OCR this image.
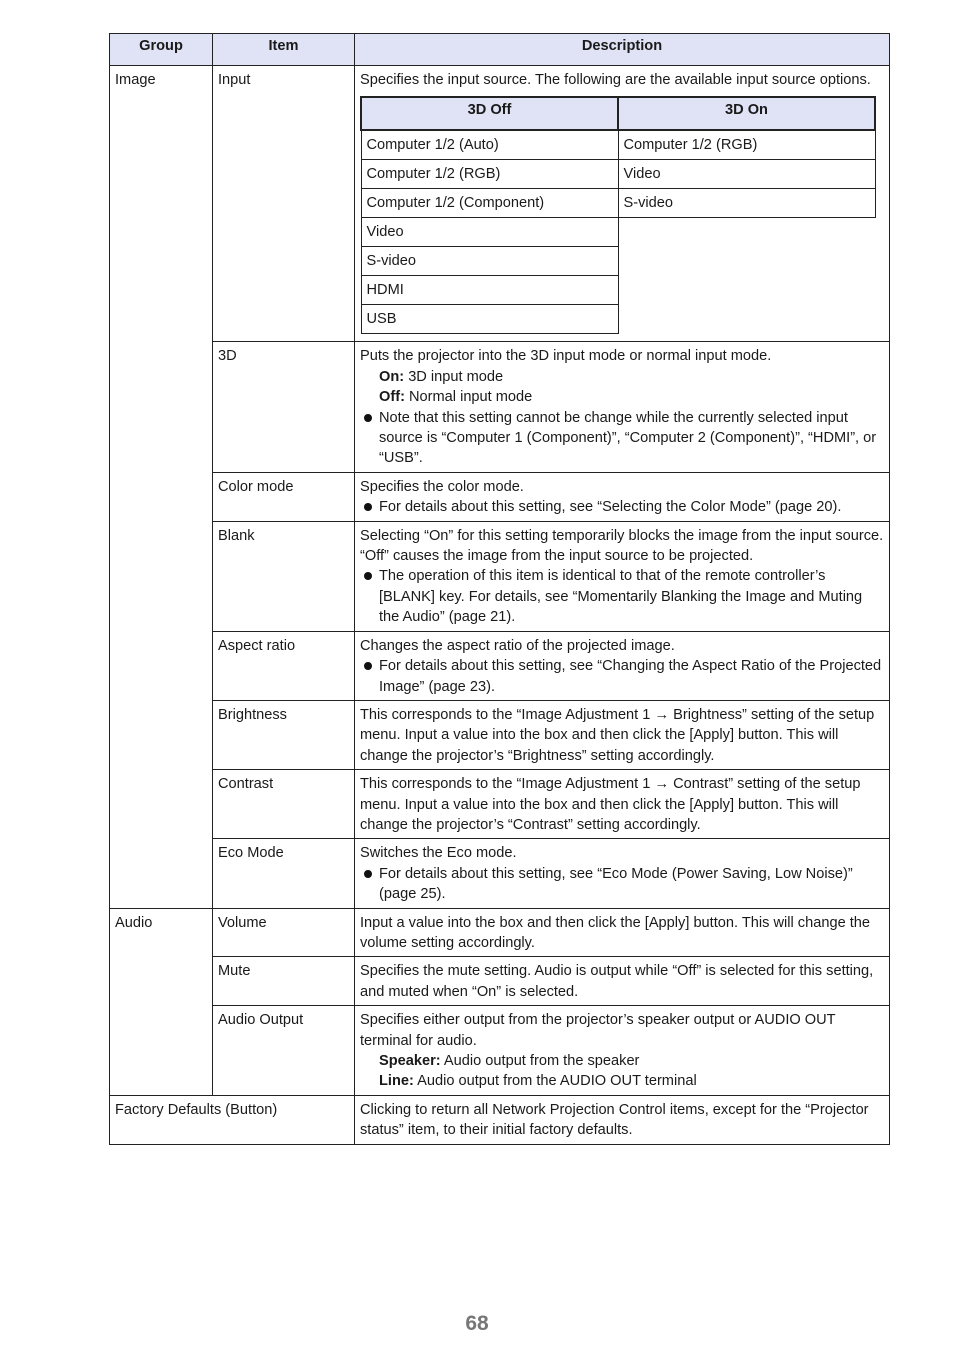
Group	Item	Description
Image	Input	Specifies the input source. The following are the available input source options.
3D Off	3D On
Computer 1/2 (Auto)	Computer 1/2 (RGB)
Computer 1/2 (RGB)	Video
Computer 1/2 (Component)	S-video
Video	
S-video	
HDMI	
USB	

3D	Puts the projector into the 3D input mode or normal input mode.
On: 3D input mode
Off: Normal input mode
Note that this setting cannot be change while the currently selected input source is “Computer 1 (Component)”, “Computer 2 (Component)”, “HDMI”, or “USB”.

Color mode	Specifies the color mode.
For details about this setting, see “Selecting the Color Mode” (page 20).

Blank	Selecting “On” for this setting temporarily blocks the image from the input source. “Off” causes the image from the input source to be projected.
The operation of this item is identical to that of the remote controller’s [BLANK] key. For details, see “Momentarily Blanking the Image and Muting the Audio” (page 21).

Aspect ratio	Changes the aspect ratio of the projected image.
For details about this setting, see “Changing the Aspect Ratio of the Projected Image” (page 23).

Brightness	This corresponds to the “Image Adjustment 1 → Brightness” setting of the setup menu. Input a value into the box and then click the [Apply] button. This will change the projector’s “Brightness” setting accordingly.
Contrast	This corresponds to the “Image Adjustment 1 → Contrast” setting of the setup menu. Input a value into the box and then click the [Apply] button. This will change the projector’s “Contrast” setting accordingly.
Eco Mode	Switches the Eco mode.
For details about this setting, see “Eco Mode (Power Saving, Low Noise)” (page 25).

Audio	Volume	Input a value into the box and then click the [Apply] button. This will change the volume setting accordingly.
Mute	Specifies the mute setting. Audio is output while “Off” is selected for this setting, and muted when “On” is selected.
Audio Output	Specifies either output from the projector’s speaker output or AUDIO OUT terminal for audio.
Speaker: Audio output from the speaker
Line: Audio output from the AUDIO OUT terminal

Factory Defaults (Button)	Clicking to return all Network Projection Control items, except for the “Projector status” item, to their initial factory defaults.
68
